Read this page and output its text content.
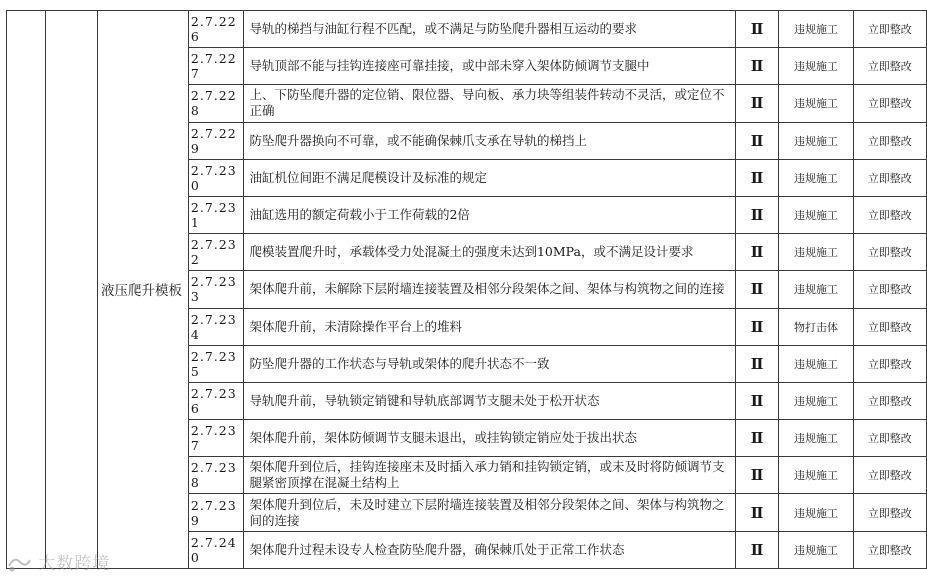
		液压爬升模板	2.7.226	导轨的梯挡与油缸行程不匹配，或不满足与防坠爬升器相互运动的要求	Ⅱ	违规施工	立即整改
			2.7.227	导轨顶部不能与挂钩连接座可靠挂接，或中部未穿入架体防倾调节支腿中	Ⅱ	违规施工	立即整改
			2.7.228	上、下防坠爬升器的定位销、限位器、导向板、承力块等组装件转动不灵活，或定位不正确	Ⅱ	违规施工	立即整改
			2.7.229	防坠爬升器换向不可靠，或不能确保棘爪支承在导轨的梯挡上	Ⅱ	违规施工	立即整改
			2.7.230	油缸机位间距不满足爬模设计及标准的规定	Ⅱ	违规施工	立即整改
			2.7.231	油缸选用的额定荷载小于工作荷载的2倍	Ⅱ	违规施工	立即整改
			2.7.232	爬模装置爬升时，承载体受力处混凝土的强度未达到10MPa，或不满足设计要求	Ⅱ	违规施工	立即整改
			2.7.233	架体爬升前，未解除下层附墙连接装置及相邻分段架体之间、架体与构筑物之间的连接	Ⅱ	违规施工	立即整改
			2.7.234	架体爬升前，未清除操作平台上的堆料	Ⅱ	物打击体	立即整改
			2.7.235	防坠爬升器的工作状态与导轨或架体的爬升状态不一致	Ⅱ	违规施工	立即整改
			2.7.236	导轨爬升前，导轨锁定销键和导轨底部调节支腿未处于松开状态	Ⅱ	违规施工	立即整改
			2.7.237	架体爬升前，架体防倾调节支腿未退出，或挂钩锁定销应处于拔出状态	Ⅱ	违规施工	立即整改
			2.7.238	架体爬升到位后，挂钩连接座未及时插入承力销和挂钩锁定销，或未及时将防倾调节支腿紧密顶撑在混凝土结构上	Ⅱ	违规施工	立即整改
			2.7.239	架体爬升到位后，未及时建立下层附墙连接装置及相邻分段架体之间、架体与构筑物之间的连接	Ⅱ	违规施工	立即整改
			2.7.240	架体爬升过程未设专人检查防坠爬升器，确保棘爪处于正常工作状态	Ⅱ	违规施工	立即整改
大数跨境
